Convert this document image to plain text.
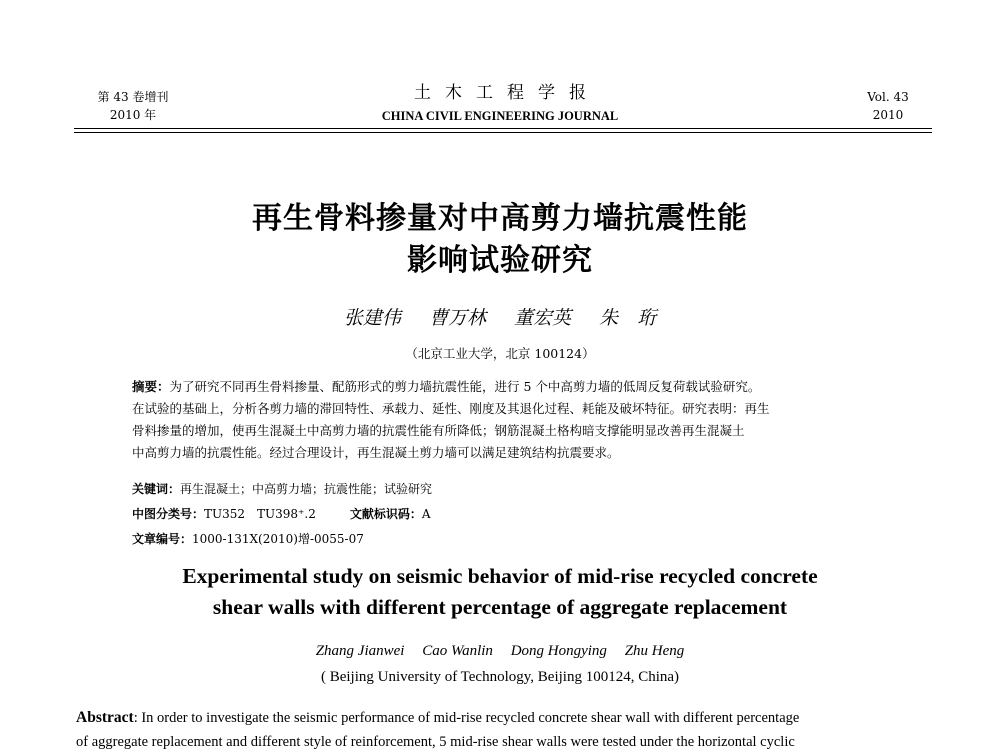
第 43 卷增刊
2010 年
土木工程学报
CHINA CIVIL ENGINEERING JOURNAL
Vol. 43
2010
再生骨料掺量对中高剪力墙抗震性能
影响试验研究
张建伟 曹万林 董宏英 朱　珩
（北京工业大学，北京 100124）
摘要：为了研究不同再生骨料掺量、配筋形式的剪力墙抗震性能，进行 5 个中高剪力墙的低周反复荷载试验研究。
在试验的基础上，分析各剪力墙的滞回特性、承载力、延性、刚度及其退化过程、耗能及破坏特征。研究表明：再生
骨料掺量的增加，使再生混凝土中高剪力墙的抗震性能有所降低；钢筋混凝土格构暗支撑能明显改善再生混凝土
中高剪力墙的抗震性能。经过合理设计，再生混凝土剪力墙可以满足建筑结构抗震要求。
关键词：再生混凝土；中高剪力墙；抗震性能；试验研究
中图分类号：TU352　TU398⁺.2	文献标识码：A
文章编号：1000-131X(2010)增-0055-07
Experimental study on seismic behavior of mid-rise recycled concrete
shear walls with different percentage of aggregate replacement
Zhang Jianwei Cao Wanlin Dong Hongying Zhu Heng
( Beijing University of Technology, Beijing 100124, China)
Abstract: In order to investigate the seismic performance of mid-rise recycled concrete shear wall with different percentage
of aggregate replacement and different style of reinforcement, 5 mid-rise shear walls were tested under the horizontal cyclic
